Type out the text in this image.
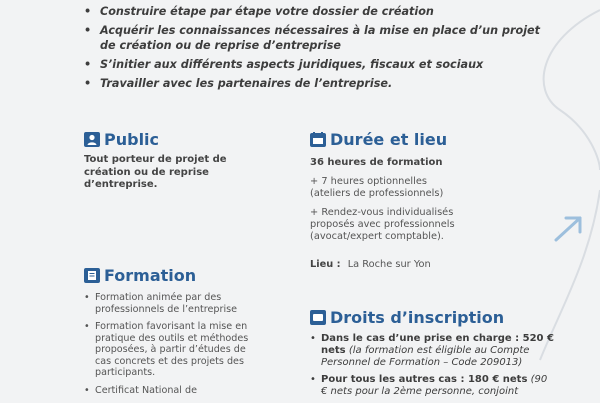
• Construire étape par étape votre dossier de création
• Acquérir les connaissances nécessaires à la mise en place d’un projet de création ou de reprise d’entreprise
• S’initier aux différents aspects juridiques, fiscaux et sociaux
• Travailler avec les partenaires de l’entreprise.
Public
Tout porteur de projet de création ou de reprise d’entreprise.
Durée et lieu
36 heures de formation
+ 7 heures optionnelles (ateliers de professionnels)
+ Rendez-vous individualisés proposés avec professionnels (avocat/expert comptable).
Lieu : La Roche sur Yon
Formation
• Formation animée par des professionnels de l’entreprise
• Formation favorisant la mise en pratique des outils et méthodes proposées, à partir d’études de cas concrets et des projets des participants.
• Certificat National de
Droits d’inscription
• Dans le cas d’une prise en charge : 520 € nets (la formation est éligible au Compte Personnel de Formation – Code 209013)
• Pour tous les autres cas : 180 € nets (90 € nets pour la 2ème personne, conjoint
